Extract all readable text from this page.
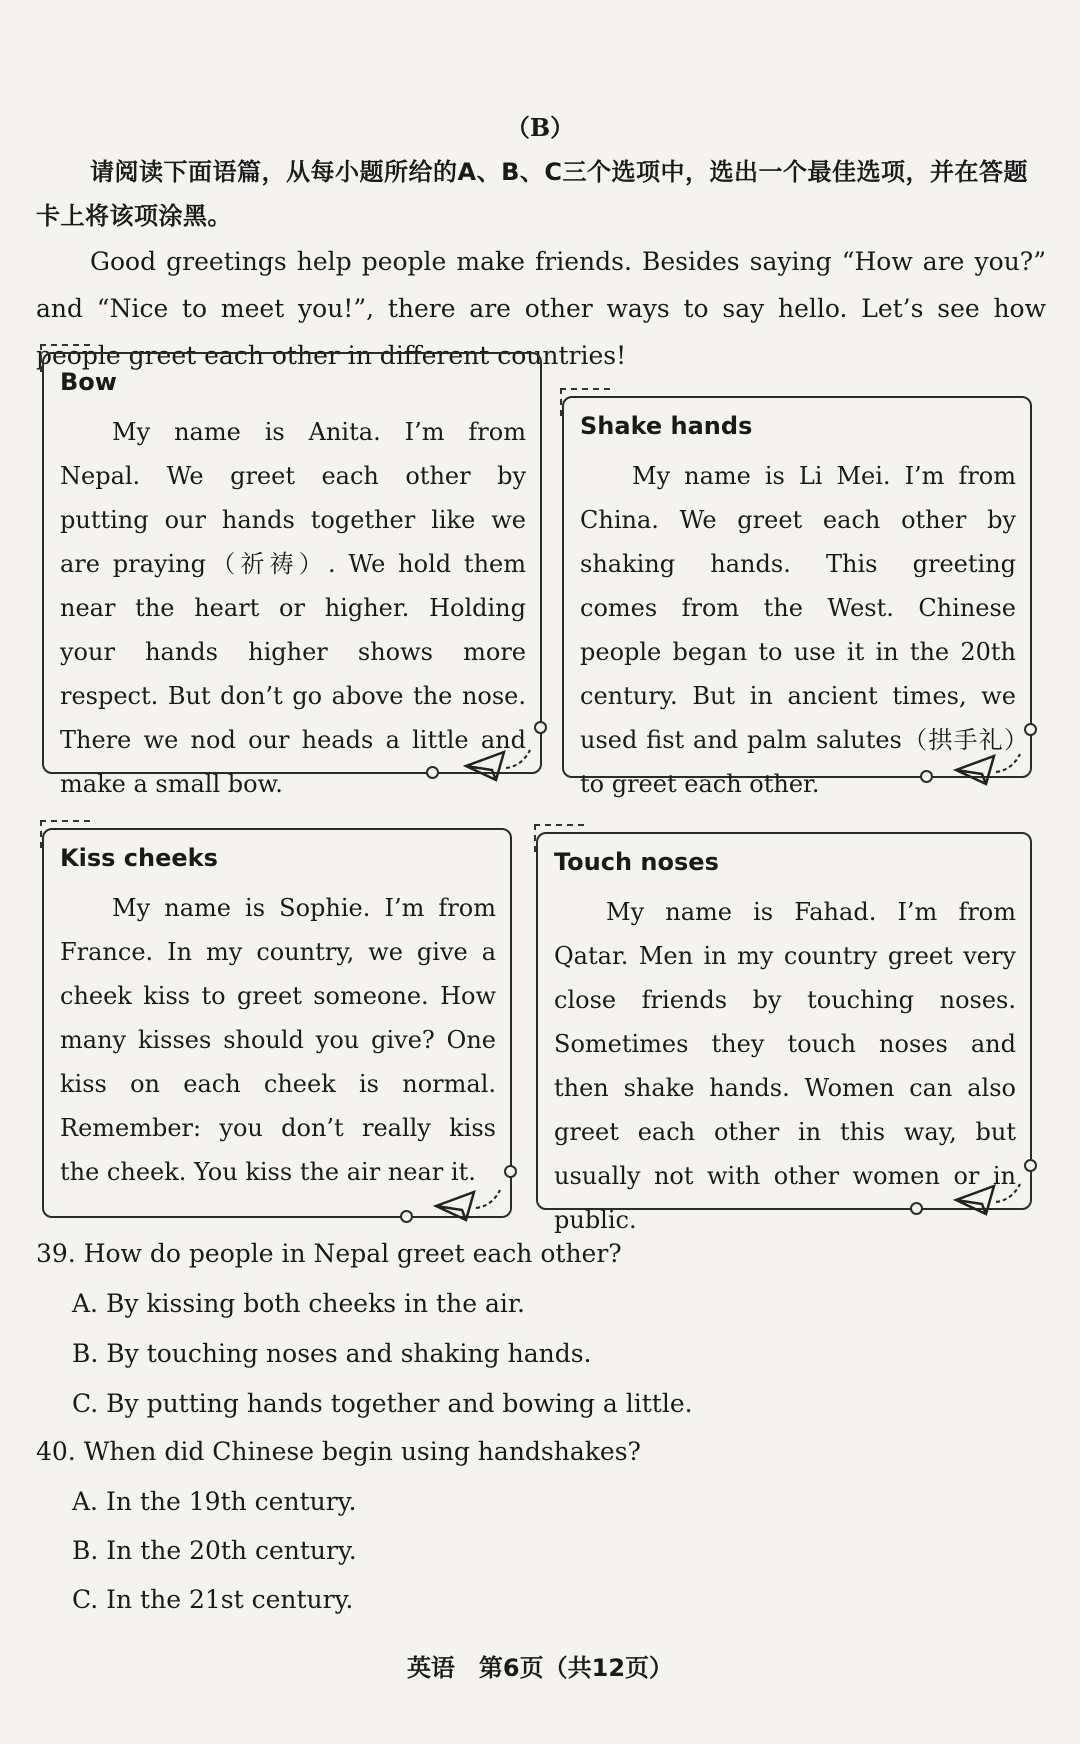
（B）
请阅读下面语篇，从每小题所给的A、B、C三个选项中，选出一个最佳选项，并在答题卡上将该项涂黑。
Good greetings help people make friends. Besides saying “How are you?” and “Nice to meet you!”, there are other ways to say hello. Let’s see how people greet each other in different countries!
Bow
My name is Anita. I’m from Nepal. We greet each other by putting our hands together like we are praying（祈祷）. We hold them near the heart or higher. Holding your hands higher shows more respect. But don’t go above the nose. There we nod our heads a little and make a small bow.
Shake hands
My name is Li Mei. I’m from China. We greet each other by shaking hands. This greeting comes from the West. Chinese people began to use it in the 20th century. But in ancient times, we used fist and palm salutes（拱手礼）to greet each other.
Kiss cheeks
My name is Sophie. I’m from France. In my country, we give a cheek kiss to greet someone. How many kisses should you give? One kiss on each cheek is normal. Remember: you don’t really kiss the cheek. You kiss the air near it.
Touch noses
My name is Fahad. I’m from Qatar. Men in my country greet very close friends by touching noses. Sometimes they touch noses and then shake hands. Women can also greet each other in this way, but usually not with other women or in public.
39. How do people in Nepal greet each other?
A. By kissing both cheeks in the air.
B. By touching noses and shaking hands.
C. By putting hands together and bowing a little.
40. When did Chinese begin using handshakes?
A. In the 19th century.
B. In the 20th century.
C. In the 21st century.
英语　第6页（共12页）
